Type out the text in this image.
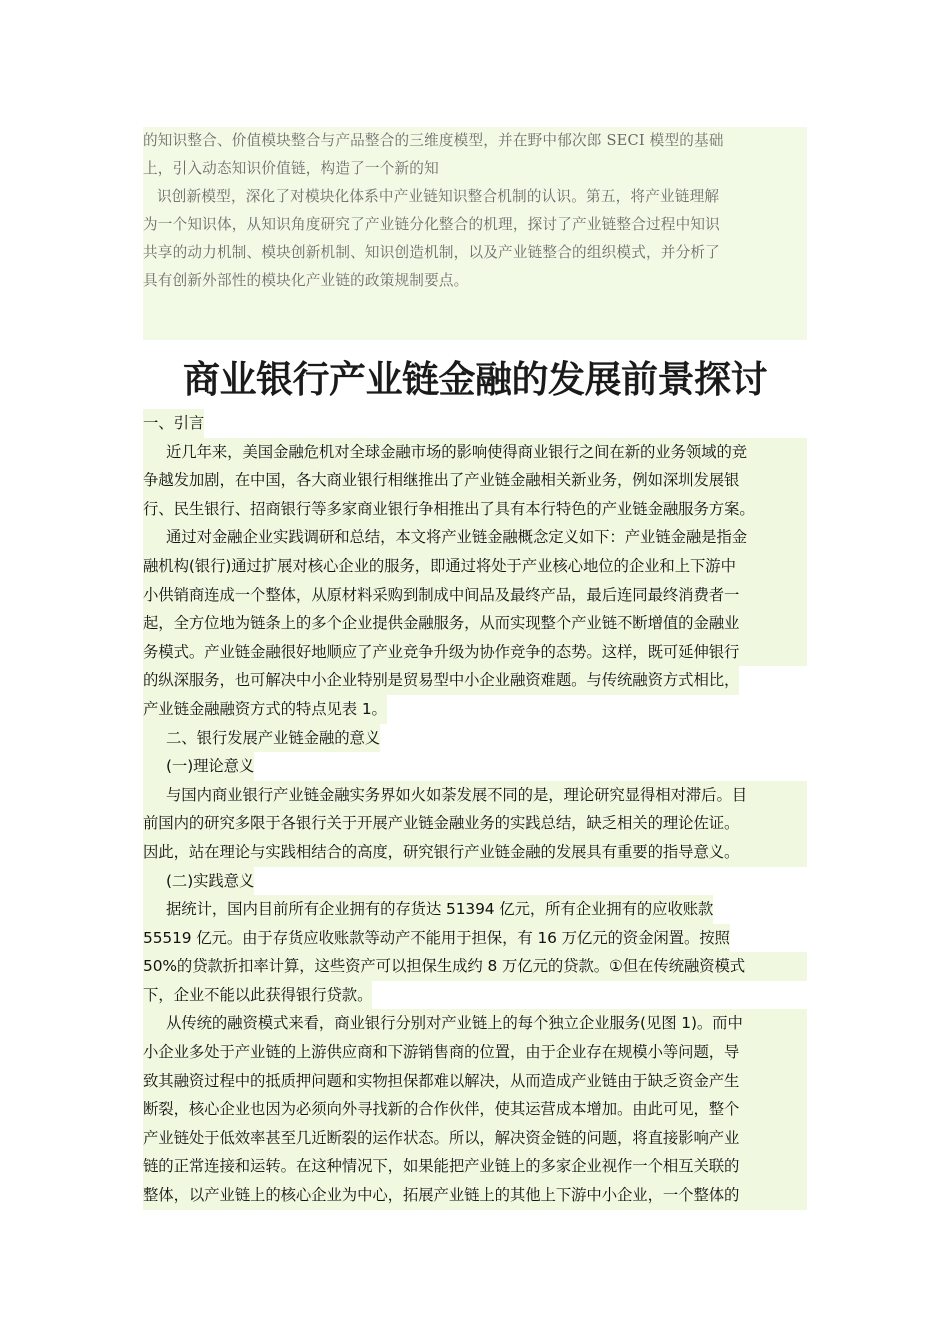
的知识整合、价值模块整合与产品整合的三维度模型，并在野中郁次郎 SECI 模型的基础

上，引入动态知识价值链，构造了一个新的知

识创新模型，深化了对模块化体系中产业链知识整合机制的认识。第五，将产业链理解

为一个知识体，从知识角度研究了产业链分化整合的机理，探讨了产业链整合过程中知识

共享的动力机制、模块创新机制、知识创造机制，以及产业链整合的组织模式，并分析了

具有创新外部性的模块化产业链的政策规制要点。

商业银行产业链金融的发展前景探讨
一、引言
近几年来，美国金融危机对全球金融市场的影响使得商业银行之间在新的业务领域的竞
争越发加剧，在中国，各大商业银行相继推出了产业链金融相关新业务，例如深圳发展银
行、民生银行、招商银行等多家商业银行争相推出了具有本行特色的产业链金融服务方案。
通过对金融企业实践调研和总结，本文将产业链金融概念定义如下：产业链金融是指金
融机构(银行)通过扩展对核心企业的服务，即通过将处于产业核心地位的企业和上下游中
小供销商连成一个整体，从原材料采购到制成中间品及最终产品，最后连同最终消费者一
起，全方位地为链条上的多个企业提供金融服务，从而实现整个产业链不断增值的金融业
务模式。产业链金融很好地顺应了产业竞争升级为协作竞争的态势。这样，既可延伸银行
的纵深服务，也可解决中小企业特别是贸易型中小企业融资难题。与传统融资方式相比，
产业链金融融资方式的特点见表 1。
二、银行发展产业链金融的意义
(一)理论意义
与国内商业银行产业链金融实务界如火如荼发展不同的是，理论研究显得相对滞后。目
前国内的研究多限于各银行关于开展产业链金融业务的实践总结，缺乏相关的理论佐证。
因此，站在理论与实践相结合的高度，研究银行产业链金融的发展具有重要的指导意义。
(二)实践意义
据统计，国内目前所有企业拥有的存货达 51394 亿元，所有企业拥有的应收账款
55519 亿元。由于存货应收账款等动产不能用于担保，有 16 万亿元的资金闲置。按照
50%的贷款折扣率计算，这些资产可以担保生成约 8 万亿元的贷款。①但在传统融资模式
下，企业不能以此获得银行贷款。
从传统的融资模式来看，商业银行分别对产业链上的每个独立企业服务(见图 1)。而中
小企业多处于产业链的上游供应商和下游销售商的位置，由于企业存在规模小等问题，导
致其融资过程中的抵质押问题和实物担保都难以解决，从而造成产业链由于缺乏资金产生
断裂，核心企业也因为必须向外寻找新的合作伙伴，使其运营成本增加。由此可见，整个
产业链处于低效率甚至几近断裂的运作状态。所以，解决资金链的问题，将直接影响产业
链的正常连接和运转。在这种情况下，如果能把产业链上的多家企业视作一个相互关联的
整体，以产业链上的核心企业为中心，拓展产业链上的其他上下游中小企业，一个整体的
